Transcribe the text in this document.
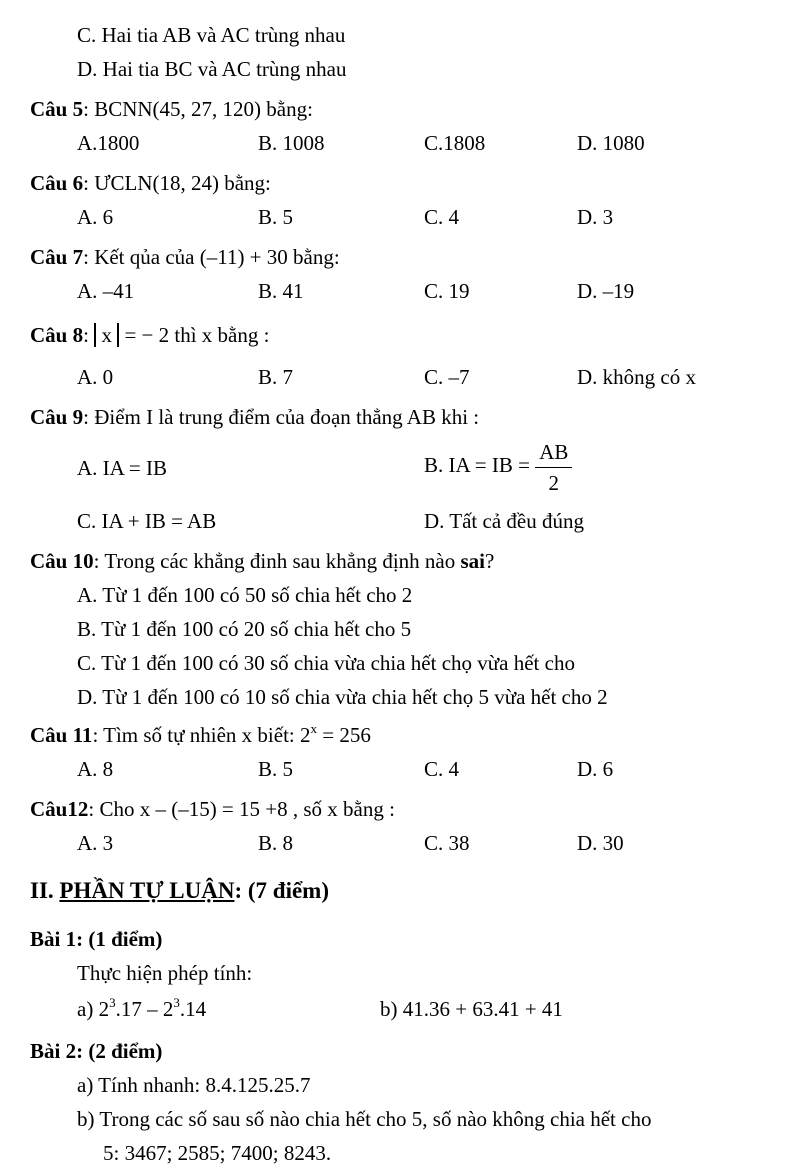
C. Hai tia AB và AC trùng nhau
D. Hai tia BC và AC trùng nhau
Câu 5: BCNN(45, 27, 120) bằng:
A.1800	B. 1008	C.1808	D. 1080
Câu 6: ƯCLN(18, 24) bằng:
A. 6	B. 5	C. 4	D. 3
Câu 7: Kết qủa của (–11) + 30 bằng:
A. –41	B. 41	C. 19	D. –19
Câu 8: x = − 2 thì x bằng :
A. 0	B. 7	C. –7	D. không có x
Câu 9: Điểm I là trung điểm của đoạn thẳng AB khi :
A. IA = IB	B. IA = IB = $\frac{AB}{2}$
C. IA + IB = AB	D. Tất cả đều đúng
Câu 10: Trong các khẳng đinh sau khẳng định nào sai?
A. Từ 1 đến 100 có 50 số chia hết cho 2
B. Từ 1 đến 100 có 20 số chia hết cho 5
C. Từ 1 đến 100 có 30 số chia vừa chia hết chọ vừa hết cho
D. Từ 1 đến 100 có 10 số chia vừa chia hết chọ 5 vừa hết cho 2
Câu 11: Tìm số tự nhiên x biết: $2^x = 256$
A. 8	B. 5	C. 4	D. 6
Câu12: Cho x – (–15) = 15 +8 , số x bằng :
A. 3	B. 8	C. 38	D. 30
II. PHẦN TỰ LUẬN: (7 điểm)
Bài 1: (1 điểm)
Thực hiện phép tính:
a) $2^3.17 - 2^3.14$	b) 41.36 + 63.41 + 41
Bài 2: (2 điểm)
a) Tính nhanh: 8.4.125.25.7
b) Trong các số sau số nào chia hết cho 5, số nào không chia hết cho
5: 3467; 2585; 7400; 8243.
